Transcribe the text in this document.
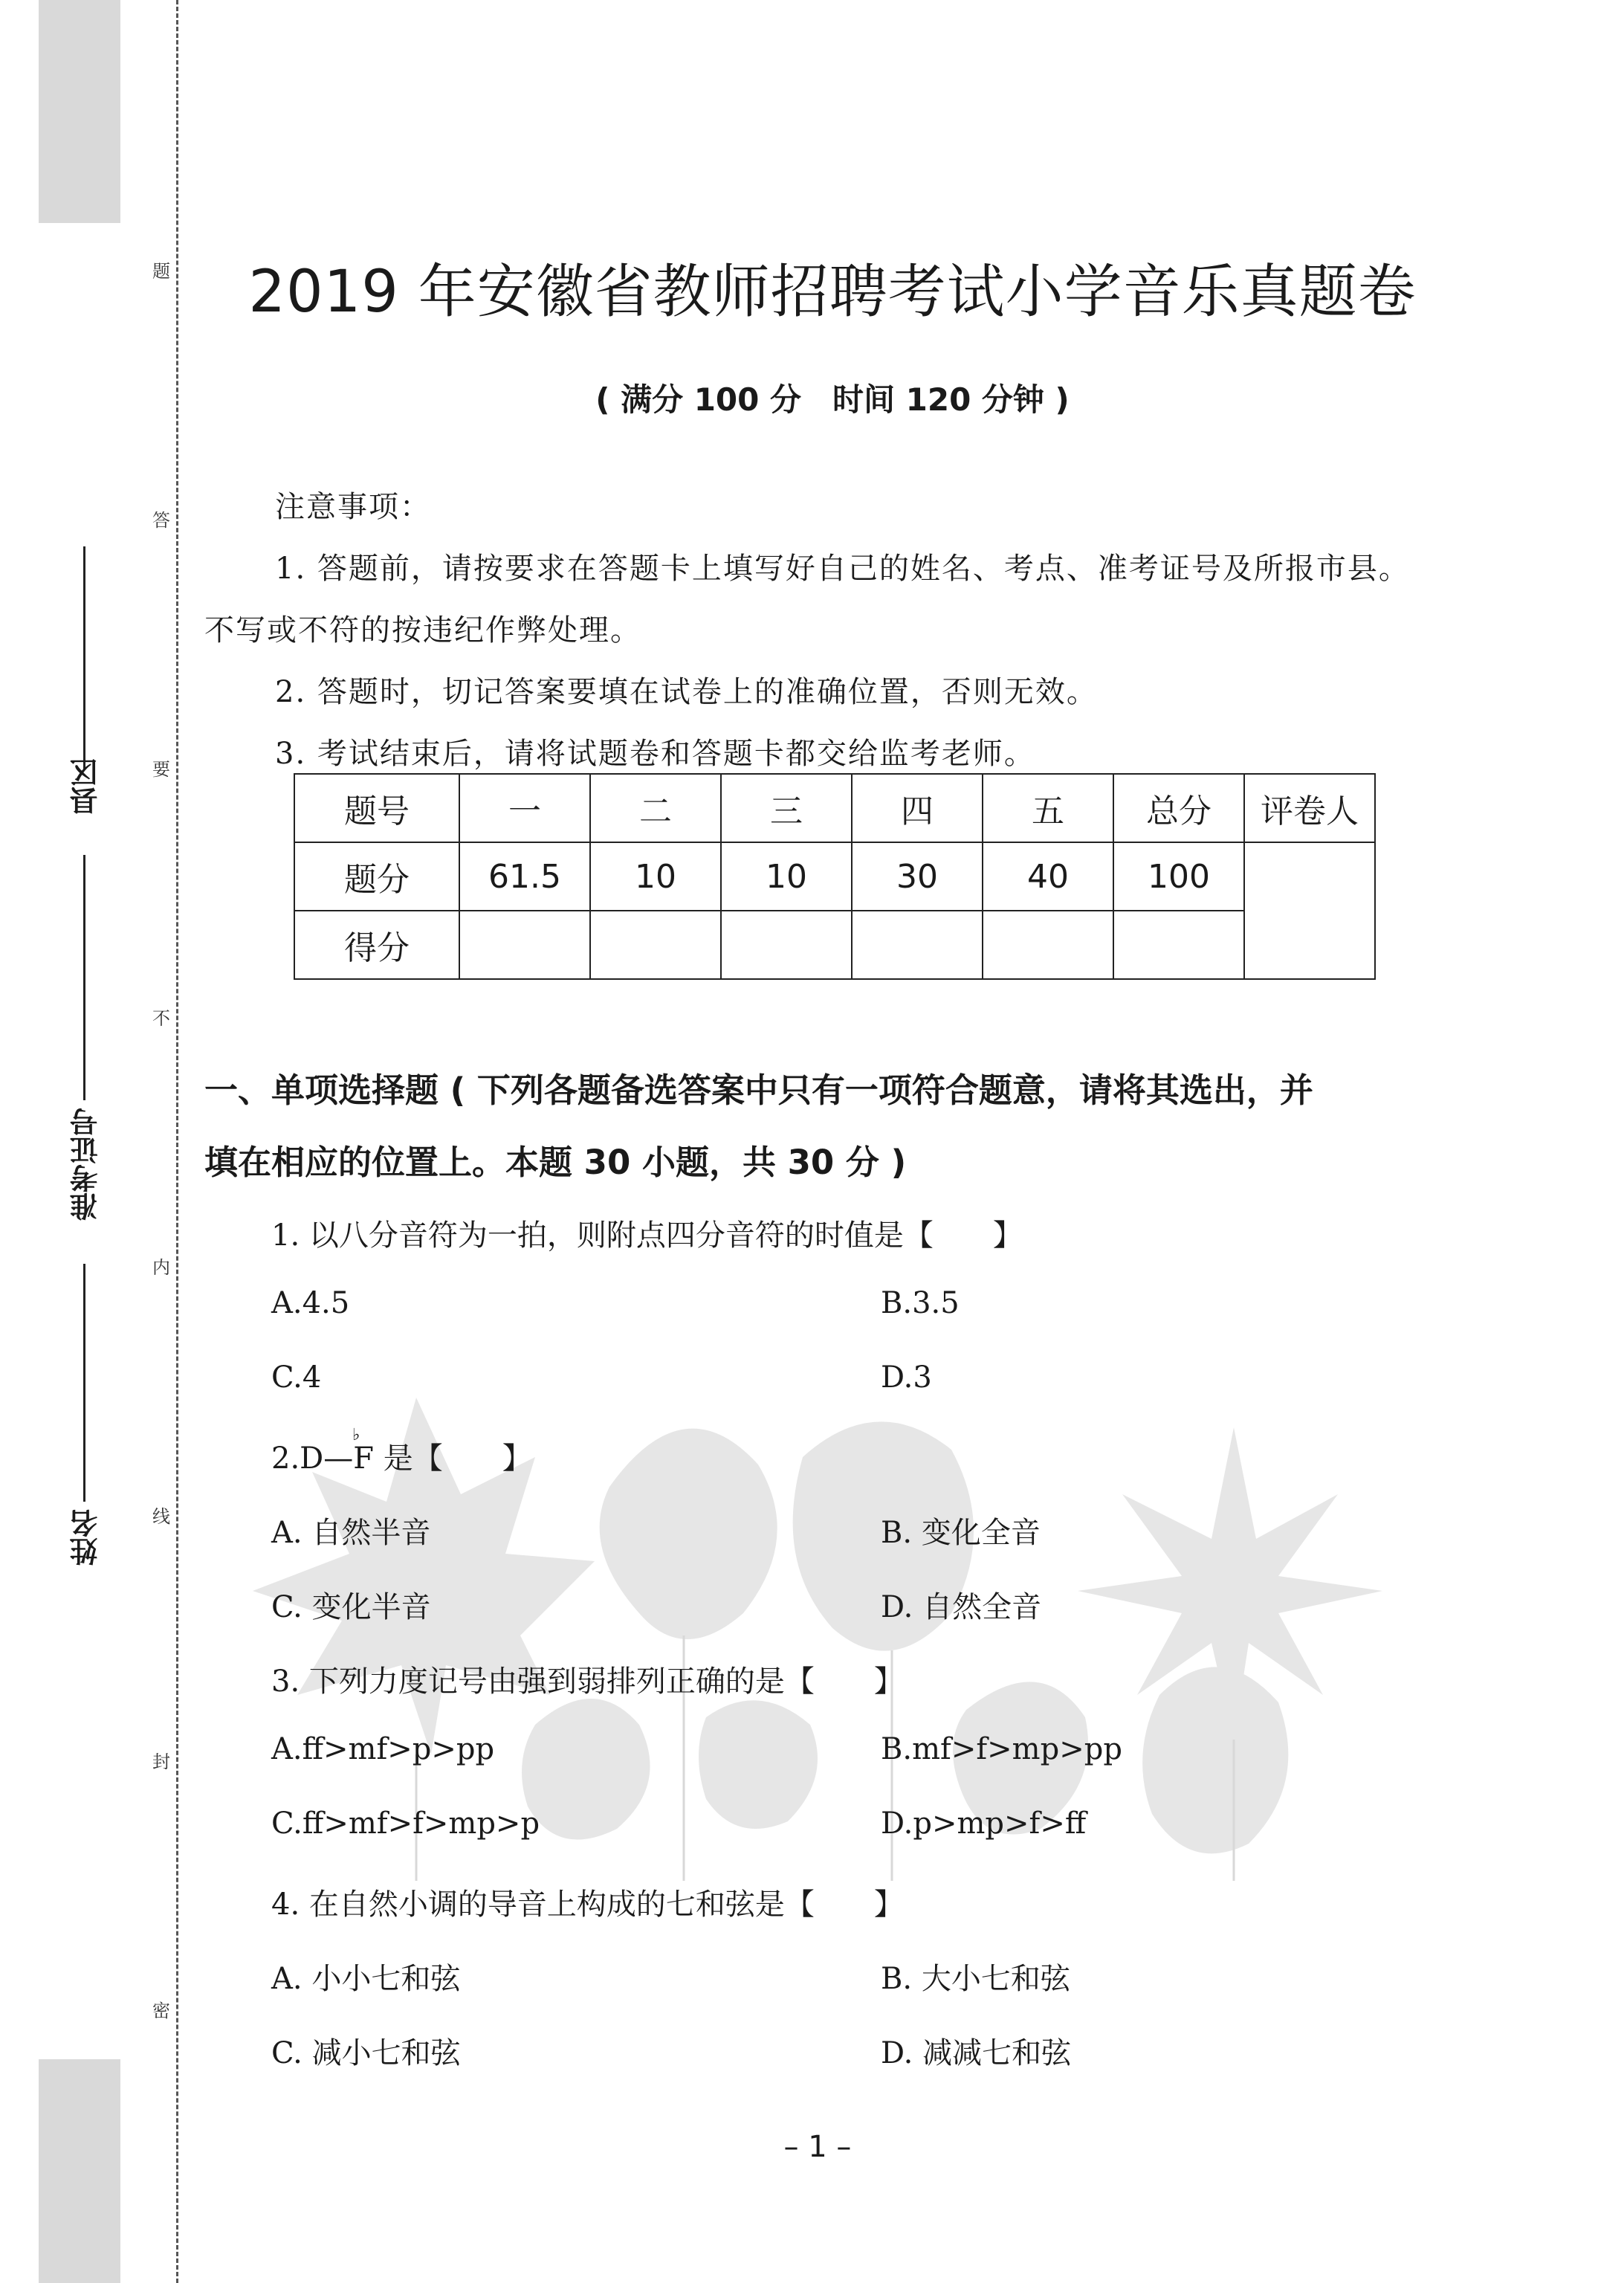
题
答
要
不
内
线
封
密
县区
准考证号
姓名
2019 年安徽省教师招聘考试小学音乐真题卷
( 满分 100 分　时间 120 分钟 )
注意事项：
1. 答题前，请按要求在答题卡上填写好自己的姓名、考点、准考证号及所报市县。
不写或不符的按违纪作弊处理。
2. 答题时，切记答案要填在试卷上的准确位置，否则无效。
3. 考试结束后，请将试题卷和答题卡都交给监考老师。
题号	一	二	三	四	五	总分	评卷人
题分	61.5	10	10	30	40	100	
得分							
一、单项选择题 ( 下列各题备选答案中只有一项符合题意，请将其选出，并
填在相应的位置上。本题 30 小题，共 30 分 )
1. 以八分音符为一拍，则附点四分音符的时值是【　　】
A.4.5	B.3.5
C.4	D.3
2.D—F 是【　　】
♭
A. 自然半音	B. 变化全音
C. 变化半音	D. 自然全音
3. 下列力度记号由强到弱排列正确的是【　　】
A.ff>mf>p>pp	B.mf>f>mp>pp
C.ff>mf>f>mp>p	D.p>mp>f>ff
4. 在自然小调的导音上构成的七和弦是【　　】
A. 小小七和弦	B. 大小七和弦
C. 减小七和弦	D. 减减七和弦
– 1 –
